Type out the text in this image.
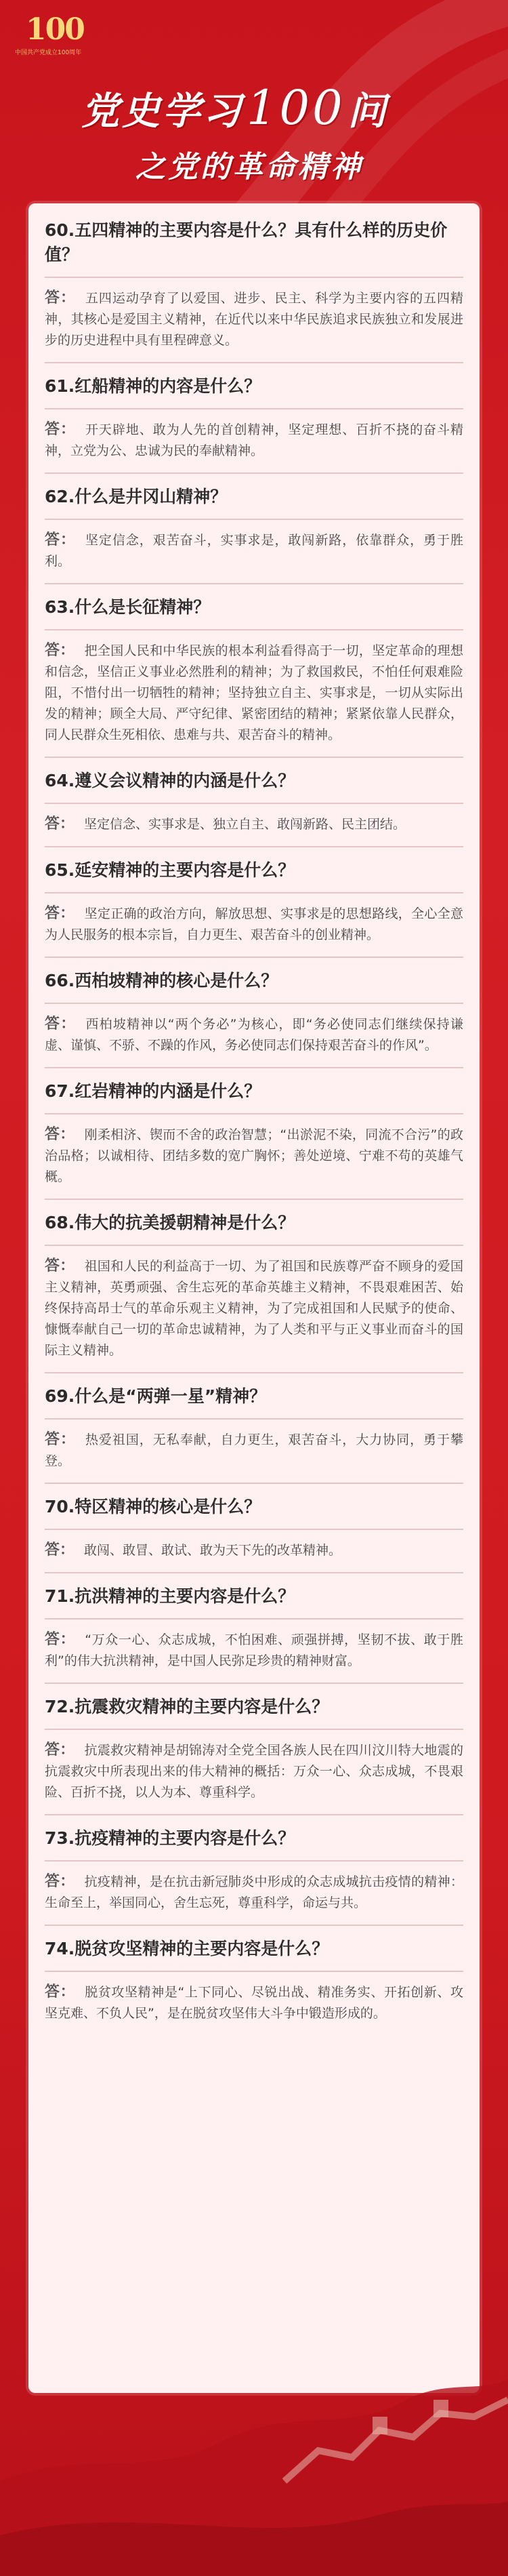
100
中国共产党成立100周年
党史学习100问
之党的革命精神

60.五四精神的主要内容是什么？具有什么样的历史价值？

答： 五四运动孕育了以爱国、进步、民主、科学为主要内容的五四精神，其核心是爱国主义精神，在近代以来中华民族追求民族独立和发展进步的历史进程中具有里程碑意义。

61.红船精神的内容是什么？

答： 开天辟地、敢为人先的首创精神，坚定理想、百折不挠的奋斗精神，立党为公、忠诚为民的奉献精神。

62.什么是井冈山精神？

答： 坚定信念，艰苦奋斗，实事求是，敢闯新路，依靠群众，勇于胜利。

63.什么是长征精神？

答： 把全国人民和中华民族的根本利益看得高于一切，坚定革命的理想和信念，坚信正义事业必然胜利的精神；为了救国救民，不怕任何艰难险阻，不惜付出一切牺牲的精神；坚持独立自主、实事求是，一切从实际出发的精神；顾全大局、严守纪律、紧密团结的精神；紧紧依靠人民群众，同人民群众生死相依、患难与共、艰苦奋斗的精神。

64.遵义会议精神的内涵是什么？

答： 坚定信念、实事求是、独立自主、敢闯新路、民主团结。

65.延安精神的主要内容是什么？

答： 坚定正确的政治方向，解放思想、实事求是的思想路线，全心全意为人民服务的根本宗旨，自力更生、艰苦奋斗的创业精神。

66.西柏坡精神的核心是什么？

答： 西柏坡精神以“两个务必”为核心，即“务必使同志们继续保持谦虚、谨慎、不骄、不躁的作风，务必使同志们保持艰苦奋斗的作风”。

67.红岩精神的内涵是什么？

答： 刚柔相济、锲而不舍的政治智慧；“出淤泥不染，同流不合污”的政治品格；以诚相待、团结多数的宽广胸怀；善处逆境、宁难不苟的英雄气概。

68.伟大的抗美援朝精神是什么？

答： 祖国和人民的利益高于一切、为了祖国和民族尊严奋不顾身的爱国主义精神，英勇顽强、舍生忘死的革命英雄主义精神，不畏艰难困苦、始终保持高昂士气的革命乐观主义精神，为了完成祖国和人民赋予的使命、慷慨奉献自己一切的革命忠诚精神，为了人类和平与正义事业而奋斗的国际主义精神。

69.什么是“两弹一星”精神？

答： 热爱祖国，无私奉献，自力更生，艰苦奋斗，大力协同，勇于攀登。

70.特区精神的核心是什么？

答： 敢闯、敢冒、敢试、敢为天下先的改革精神。

71.抗洪精神的主要内容是什么？

答： “万众一心、众志成城，不怕困难、顽强拼搏，坚韧不拔、敢于胜利”的伟大抗洪精神，是中国人民弥足珍贵的精神财富。

72.抗震救灾精神的主要内容是什么？

答： 抗震救灾精神是胡锦涛对全党全国各族人民在四川汶川特大地震的抗震救灾中所表现出来的伟大精神的概括：万众一心、众志成城，不畏艰险、百折不挠，以人为本、尊重科学。

73.抗疫精神的主要内容是什么？

答： 抗疫精神，是在抗击新冠肺炎中形成的众志成城抗击疫情的精神：生命至上，举国同心，舍生忘死，尊重科学，命运与共。

74.脱贫攻坚精神的主要内容是什么？

答： 脱贫攻坚精神是“上下同心、尽锐出战、精准务实、开拓创新、攻坚克难、不负人民”，是在脱贫攻坚伟大斗争中锻造形成的。
